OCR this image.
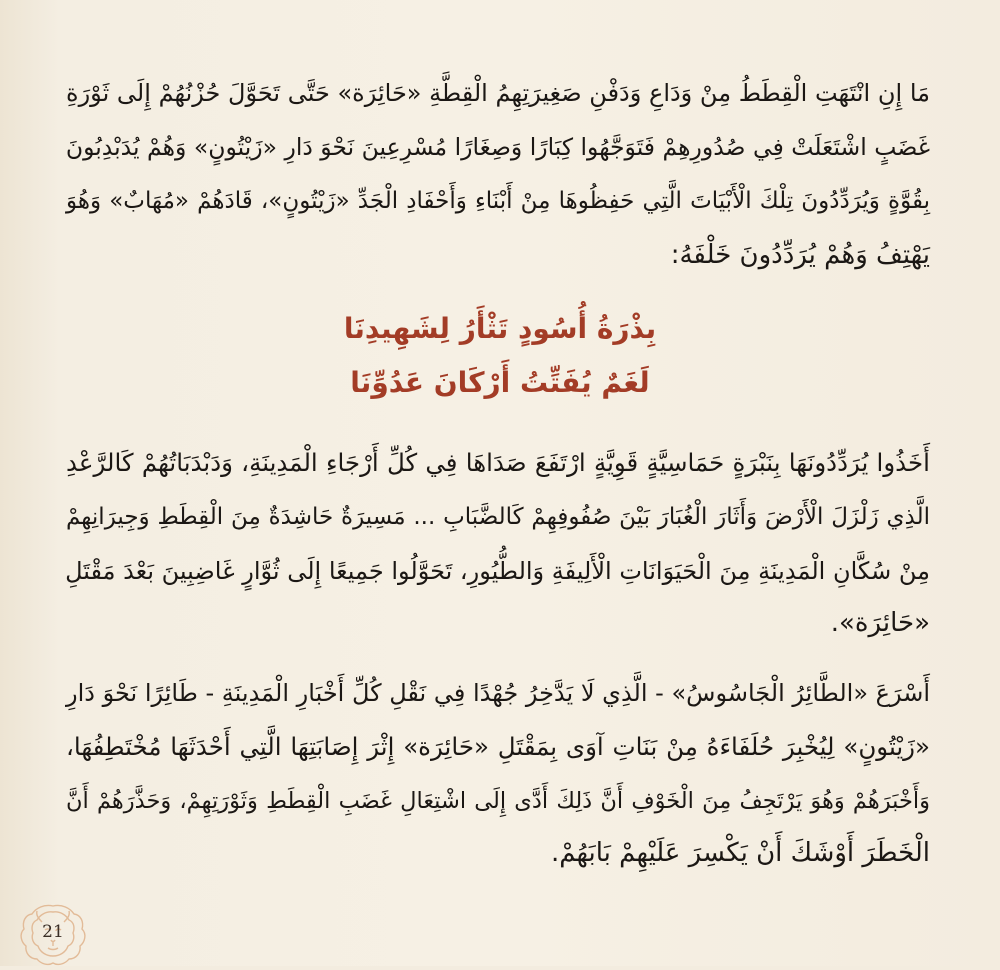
مَا إِنِ انْتَهَتِ الْقِطَطُ مِنْ وَدَاعِ وَدَفْنِ صَغِيرَتِهِمُ الْقِطَّةِ «حَائِرَة» حَتَّى تَحَوَّلَ حُزْنُهُمْ إِلَى ثَوْرَةِ

غَضَبٍ اشْتَعَلَتْ فِي صُدُورِهِمْ فَتَوَجَّهُوا كِبَارًا وَصِغَارًا مُسْرِعِينَ نَحْوَ دَارِ «زَيْتُونٍ» وَهُمْ يُدَبْدِبُونَ

بِقُوَّةٍ وَيُرَدِّدُونَ تِلْكَ الْأَبْيَاتَ الَّتِي حَفِظُوهَا مِنْ أَبْنَاءِ وَأَحْفَادِ الْجَدِّ «زَيْتُونٍ»، قَادَهُمْ «مُهَابٌ» وَهُوَ

يَهْتِفُ وَهُمْ يُرَدِّدُونَ خَلْفَهُ:

بِذْرَةُ أُسُودٍ تَثْأَرُ لِشَهِيدِنَا

لَغَمٌ يُفَتِّتُ أَرْكَانَ عَدُوِّنَا

أَخَذُوا يُرَدِّدُونَهَا بِنَبْرَةٍ حَمَاسِيَّةٍ قَوِيَّةٍ ارْتَفَعَ صَدَاهَا فِي كُلِّ أَرْجَاءِ الْمَدِينَةِ، وَدَبْدَبَاتُهُمْ كَالرَّعْدِ

الَّذِي زَلْزَلَ الْأَرْضَ وَأَثَارَ الْغُبَارَ بَيْنَ صُفُوفِهِمْ كَالضَّبَابِ ... مَسِيرَةٌ حَاشِدَةٌ مِنَ الْقِطَطِ وَجِيرَانِهِمْ

مِنْ سُكَّانِ الْمَدِينَةِ مِنَ الْحَيَوَانَاتِ الْأَلِيفَةِ وَالطُّيُورِ، تَحَوَّلُوا جَمِيعًا إِلَى ثُوَّارٍ غَاضِبِينَ بَعْدَ مَقْتَلِ

«حَائِرَة».

أَسْرَعَ «الطَّائِرُ الْجَاسُوسُ» - الَّذِي لَا يَدَّخِرُ جُهْدًا فِي نَقْلِ كُلِّ أَخْبَارِ الْمَدِينَةِ - طَائِرًا نَحْوَ دَارِ

«زَيْتُونٍ» لِيُخْبِرَ حُلَفَاءَهُ مِنْ بَنَاتِ آوَى بِمَقْتَلِ «حَائِرَة» إِثْرَ إِصَابَتِهَا الَّتِي أَحْدَثَهَا مُخْتَطِفُهَا،

وَأَخْبَرَهُمْ وَهُوَ يَرْتَجِفُ مِنَ الْخَوْفِ أَنَّ ذَلِكَ أَدَّى إِلَى اشْتِعَالِ غَضَبِ الْقِطَطِ وَثَوْرَتِهِمْ، وَحَذَّرَهُمْ أَنَّ

الْخَطَرَ أَوْشَكَ أَنْ يَكْسِرَ عَلَيْهِمْ بَابَهُمْ.

21
